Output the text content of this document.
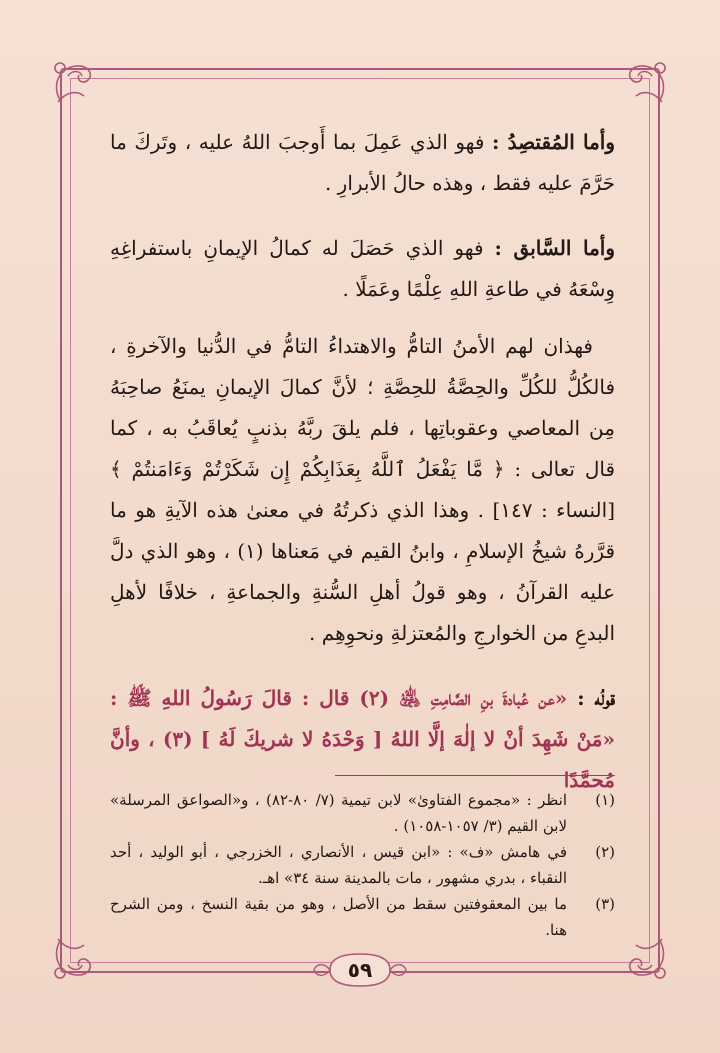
وأما المُقتصِدُ : فهو الذي عَمِلَ بما أَوجبَ اللهُ عليه ، وتَركَ ما حَرَّمَ عليه فقط ، وهذه حالُ الأبرارِ .

وأما السَّابق : فهو الذي حَصَلَ له كمالُ الإيمانِ باستفراغِهِ وِسْعَهُ في طاعةِ اللهِ عِلْمًا وعَمَلًا .

فهذان لهم الأمنُ التامُّ والاهتداءُ التامُّ في الدُّنيا والآخرةِ ، فالكُلُّ للكُلِّ والحِصَّةُ للحِصَّةِ ؛ لأنَّ كمالَ الإيمانِ يمنَعُ صاحِبَهُ مِن المعاصي وعقوباتِها ، فلم يلقَ ربَّهُ بذنبٍ يُعاقَبُ به ، كما قال تعالى : ﴿ مَّا يَفْعَلُ ٱللَّهُ بِعَذَابِكُمْ إِن شَكَرْتُمْ وَءَامَنتُمْ ﴾ [النساء : ١٤٧] . وهذا الذي ذكرتُهُ في معنىٰ هذه الآيةِ هو ما قرَّرهُ شيخُ الإسلامِ ، وابنُ القيم في مَعناها (١) ، وهو الذي دلَّ عليه القرآنُ ، وهو قولُ أهلِ السُّنةِ والجماعةِ ، خلافًا لأهلِ البدعِ من الخوارجِ والمُعتزلةِ ونحوِهِم .

قولُه : «عن عُبادةَ بنِ الصَّامِتِ ﵁ (٢) قال : قالَ رَسُولُ اللهِ ﷺ : «مَنْ شَهِدَ أنْ لا إلٰهَ إلَّا اللهُ [ وَحْدَهُ لا شريكَ لَهُ ] (٣) ، وأنَّ مُحمَّدًا

(١)
انظر : «مجموع الفتاوىٰ» لابن تيمية (٧/ ٨٠-٨٢) ، و«الصواعق المرسلة» لابن القيم (٣/ ١٠٥٧-١٠٥٨) .
(٢)
في هامش «ف» : «ابن قيس ، الأنصاري ، الخزرجي ، أبو الوليد ، أحد النقباء ، بدري مشهور ، مات بالمدينة سنة ٣٤» اهـ.
(٣)
ما بين المعقوفتين سقط من الأصل ، وهو من بقية النسخ ، ومن الشرح هنا.
٥٩
